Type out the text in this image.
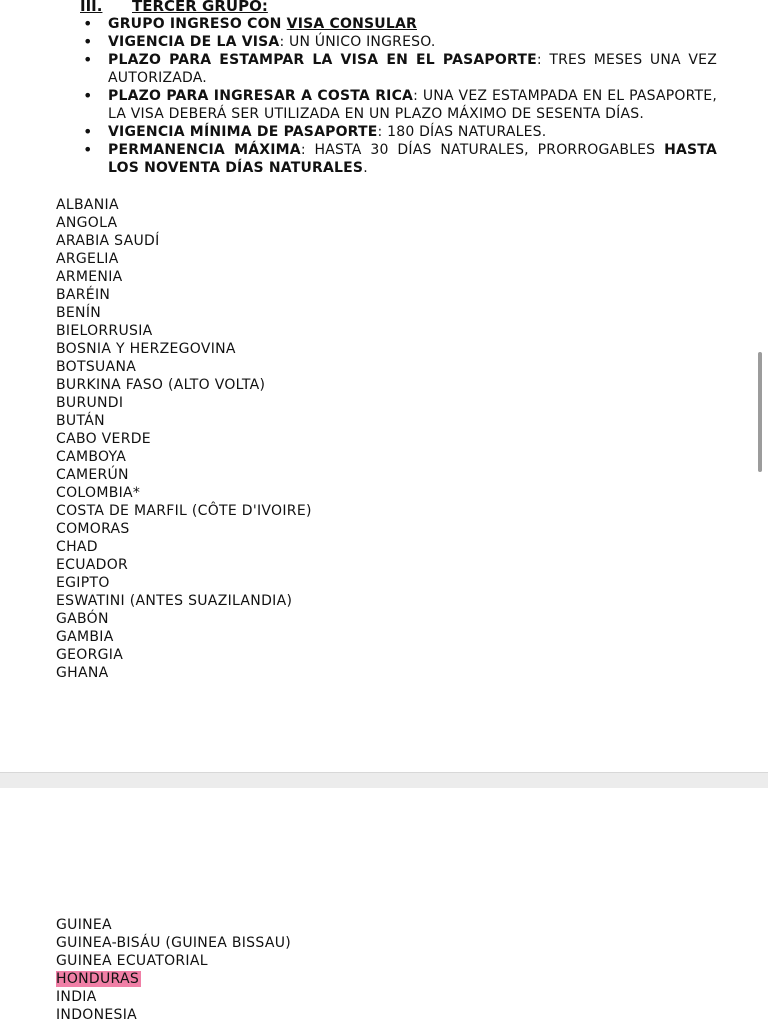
III. TERCER GRUPO:
• GRUPO INGRESO CON VISA CONSULAR
• VIGENCIA DE LA VISA: UN ÚNICO INGRESO.
• PLAZO PARA ESTAMPAR LA VISA EN EL PASAPORTE: TRES MESES UNA VEZ AUTORIZADA.
• PLAZO PARA INGRESAR A COSTA RICA: UNA VEZ ESTAMPADA EN EL PASAPORTE, LA VISA DEBERÁ SER UTILIZADA EN UN PLAZO MÁXIMO DE SESENTA DÍAS.
• VIGENCIA MÍNIMA DE PASAPORTE: 180 DÍAS NATURALES.
• PERMANENCIA MÁXIMA: HASTA 30 DÍAS NATURALES, PRORROGABLES HASTA LOS NOVENTA DÍAS NATURALES.
ALBANIA
ANGOLA
ARABIA SAUDÍ
ARGELIA
ARMENIA
BARÉIN
BENÍN
BIELORRUSIA
BOSNIA Y HERZEGOVINA
BOTSUANA
BURKINA FASO (ALTO VOLTA)
BURUNDI
BUTÁN
CABO VERDE
CAMBOYA
CAMERÚN
COLOMBIA*
COSTA DE MARFIL (CÔTE D'IVOIRE)
COMORAS
CHAD
ECUADOR
EGIPTO
ESWATINI (ANTES SUAZILANDIA)
GABÓN
GAMBIA
GEORGIA
GHANA
GUINEA
GUINEA-BISÁU (GUINEA BISSAU)
GUINEA ECUATORIAL
HONDURAS
INDIA
INDONESIA
